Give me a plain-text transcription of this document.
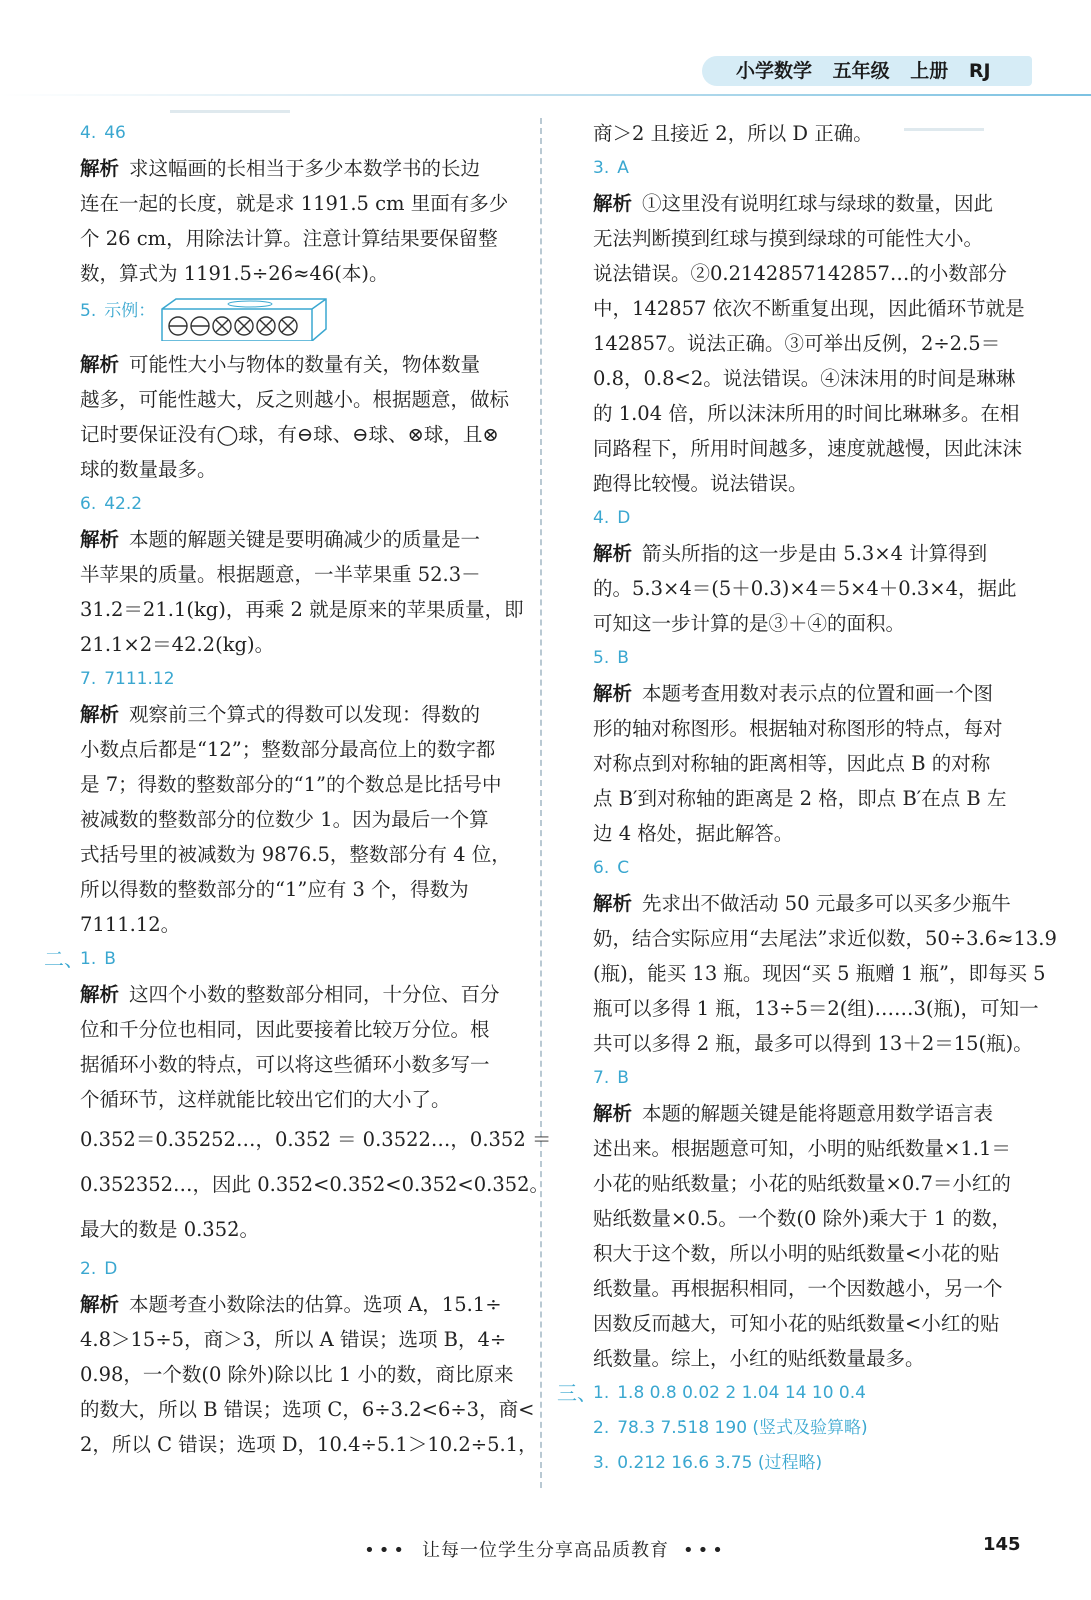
小学数学 五年级 上册 RJ
4. 46
解析 求这幅画的长相当于多少本数学书的长边
连在一起的长度，就是求 1191.5 cm 里面有多少
个 26 cm，用除法计算。注意计算结果要保留整
数，算式为 1191.5÷26≈46(本)。
5. 示例：
解析 可能性大小与物体的数量有关，物体数量
越多，可能性越大，反之则越小。根据题意，做标
记时要保证没有◯球，有⊖球、⊖球、⊗球，且⊗
球的数量最多。
6. 42.2
解析 本题的解题关键是要明确减少的质量是一
半苹果的质量。根据题意，一半苹果重 52.3－
31.2＝21.1(kg)，再乘 2 就是原来的苹果质量，即
21.1×2＝42.2(kg)。
7. 7111.12
解析 观察前三个算式的得数可以发现：得数的
小数点后都是“12”；整数部分最高位上的数字都
是 7；得数的整数部分的“1”的个数总是比括号中
被减数的整数部分的位数少 1。因为最后一个算
式括号里的被减数为 9876.5，整数部分有 4 位，
所以得数的整数部分的“1”应有 3 个，得数为
7111.12。
二、
1. B
解析 这四个小数的整数部分相同，十分位、百分
位和千分位也相同，因此要接着比较万分位。根
据循环小数的特点，可以将这些循环小数多写一
个循环节，这样就能比较出它们的大小了。
0.352̇＝0.35252…，0.35̇2̇ ＝ 0.3522…，0.3̇52̇ ＝
0.352352…，因此 0.352̇<0.35̇2̇<0.3̇52̇<0.3̇52̇。
最大的数是 0.3̇52̇。
2. D
解析 本题考查小数除法的估算。选项 A，15.1÷
4.8＞15÷5，商＞3，所以 A 错误；选项 B，4÷
0.98，一个数(0 除外)除以比 1 小的数，商比原来
的数大，所以 B 错误；选项 C，6÷3.2<6÷3，商<
2，所以 C 错误；选项 D，10.4÷5.1＞10.2÷5.1，
商＞2 且接近 2，所以 D 正确。
3. A
解析 ①这里没有说明红球与绿球的数量，因此
无法判断摸到红球与摸到绿球的可能性大小。
说法错误。②0.2142857142857…的小数部分
中，142857 依次不断重复出现，因此循环节就是
142857。说法正确。③可举出反例，2÷2.5＝
0.8，0.8<2。说法错误。④沫沫用的时间是琳琳
的 1.04 倍，所以沫沫所用的时间比琳琳多。在相
同路程下，所用时间越多，速度就越慢，因此沫沫
跑得比较慢。说法错误。
4. D
解析 箭头所指的这一步是由 5.3×4 计算得到
的。5.3×4＝(5＋0.3)×4＝5×4＋0.3×4，据此
可知这一步计算的是③＋④的面积。
5. B
解析 本题考查用数对表示点的位置和画一个图
形的轴对称图形。根据轴对称图形的特点，每对
对称点到对称轴的距离相等，因此点 B 的对称
点 B′到对称轴的距离是 2 格，即点 B′在点 B 左
边 4 格处，据此解答。
6. C
解析 先求出不做活动 50 元最多可以买多少瓶牛
奶，结合实际应用“去尾法”求近似数，50÷3.6≈13.9
(瓶)，能买 13 瓶。现因“买 5 瓶赠 1 瓶”，即每买 5
瓶可以多得 1 瓶，13÷5＝2(组)……3(瓶)，可知一
共可以多得 2 瓶，最多可以得到 13＋2＝15(瓶)。
7. B
解析 本题的解题关键是能将题意用数学语言表
述出来。根据题意可知，小明的贴纸数量×1.1＝
小花的贴纸数量；小花的贴纸数量×0.7＝小红的
贴纸数量×0.5。一个数(0 除外)乘大于 1 的数，
积大于这个数，所以小明的贴纸数量<小花的贴
纸数量。再根据积相同，一个因数越小，另一个
因数反而越大，可知小花的贴纸数量<小红的贴
纸数量。综上，小红的贴纸数量最多。
三、
1. 1.8 0.8 0.02 2 1.04 14 10 0.4
2. 78.3 7.5̇18̇ 190 (竖式及验算略)
3. 0.212 16.6 3.75 (过程略)
••• 让每一位学生分享高品质教育 •••	145
